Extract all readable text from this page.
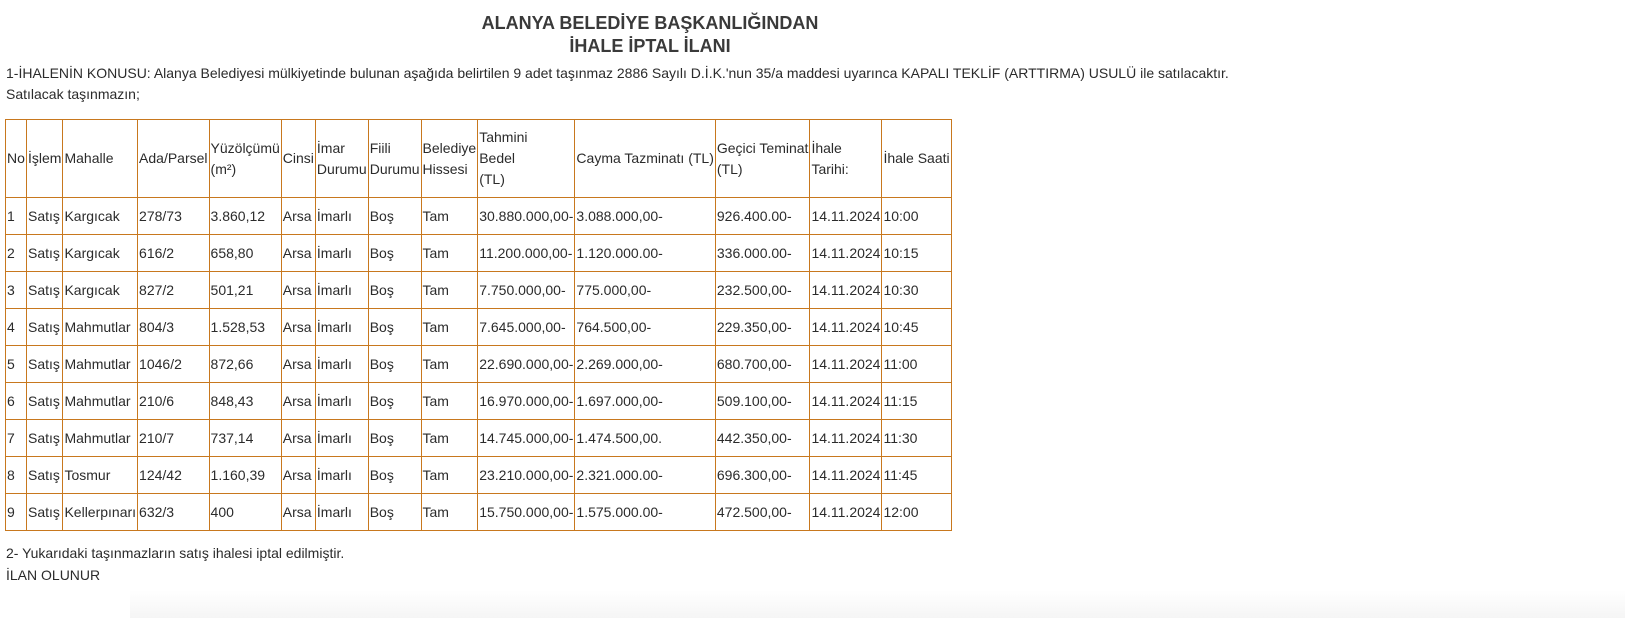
ALANYA BELEDİYE BAŞKANLIĞINDAN
İHALE İPTAL İLANI
1-İHALENİN KONUSU: Alanya Belediyesi mülkiyetinde bulunan aşağıda belirtilen 9 adet taşınmaz 2886 Sayılı D.İ.K.'nun 35/a maddesi uyarınca KAPALI TEKLİF (ARTTIRMA) USULÜ ile satılacaktır.
Satılacak taşınmazın;
No	İşlem	Mahalle	Ada/Parsel	Yüzölçümü
(m²)	Cinsi	İmar
Durumu	Fiili
Durumu	Belediye
Hissesi	Tahmini
Bedel
(TL)	Cayma Tazminatı (TL)	Geçici Teminat
(TL)	İhale
Tarihi:	İhale Saati
1	Satış	Kargıcak	278/73	3.860,12	Arsa	İmarlı	Boş	Tam	30.880.000,00-	3.088.000,00-	926.400.00-	14.11.2024	10:00
2	Satış	Kargıcak	616/2	658,80	Arsa	İmarlı	Boş	Tam	11.200.000,00-	1.120.000.00-	336.000.00-	14.11.2024	10:15
3	Satış	Kargıcak	827/2	501,21	Arsa	İmarlı	Boş	Tam	7.750.000,00-	775.000,00-	232.500,00-	14.11.2024	10:30
4	Satış	Mahmutlar	804/3	1.528,53	Arsa	İmarlı	Boş	Tam	7.645.000,00-	764.500,00-	229.350,00-	14.11.2024	10:45
5	Satış	Mahmutlar	1046/2	872,66	Arsa	İmarlı	Boş	Tam	22.690.000,00-	2.269.000,00-	680.700,00-	14.11.2024	11:00
6	Satış	Mahmutlar	210/6	848,43	Arsa	İmarlı	Boş	Tam	16.970.000,00-	1.697.000,00-	509.100,00-	14.11.2024	11:15
7	Satış	Mahmutlar	210/7	737,14	Arsa	İmarlı	Boş	Tam	14.745.000,00-	1.474.500,00.	442.350,00-	14.11.2024	11:30
8	Satış	Tosmur	124/42	1.160,39	Arsa	İmarlı	Boş	Tam	23.210.000,00-	2.321.000.00-	696.300,00-	14.11.2024	11:45
9	Satış	Kellerpınarı	632/3	400	Arsa	İmarlı	Boş	Tam	15.750.000,00-	1.575.000.00-	472.500,00-	14.11.2024	12:00
2- Yukarıdaki taşınmazların satış ihalesi iptal edilmiştir.
İLAN OLUNUR
